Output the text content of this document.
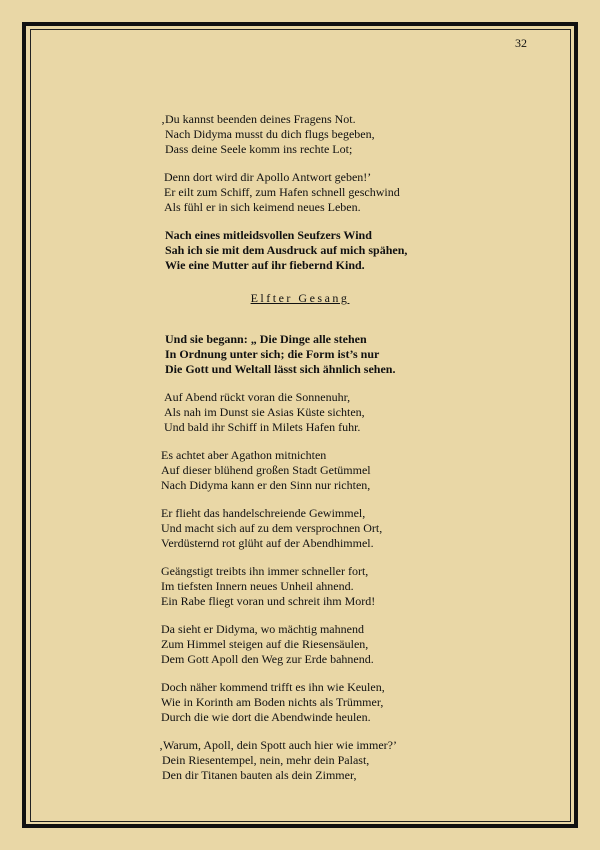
32
‚Du kannst beenden deines Fragens Not.
Nach Didyma musst du dich flugs begeben,
Dass deine Seele komm ins rechte Lot;
Denn dort wird dir Apollo Antwort geben!’
Er eilt zum Schiff, zum Hafen schnell geschwind
Als fühl er in sich keimend neues Leben.
Nach eines mitleidsvollen Seufzers Wind
Sah ich sie mit dem Ausdruck auf mich spähen,
Wie eine Mutter auf ihr fiebernd Kind.
Elfter Gesang
Und sie begann: „ Die Dinge alle stehen
In Ordnung unter sich; die Form ist’s nur
Die Gott und Weltall lässt sich ähnlich sehen.
Auf Abend rückt voran die Sonnenuhr,
Als nah im Dunst sie Asias Küste sichten,
Und bald ihr Schiff in Milets Hafen fuhr.
Es achtet aber Agathon mitnichten
Auf dieser blühend großen Stadt Getümmel
Nach Didyma kann er den Sinn nur richten,
Er flieht das handelschreiende Gewimmel,
Und macht sich auf zu dem versprochnen Ort,
Verdüsternd rot glüht auf der Abendhimmel.
Geängstigt treibts ihn immer schneller fort,
Im tiefsten Innern neues Unheil ahnend.
Ein Rabe fliegt voran und schreit ihm Mord!
Da sieht er Didyma, wo mächtig mahnend
Zum Himmel steigen auf die Riesensäulen,
Dem Gott Apoll den Weg zur Erde bahnend.
Doch näher kommend trifft es ihn wie Keulen,
Wie in Korinth am Boden nichts als Trümmer,
Durch die wie dort die Abendwinde heulen.
‚Warum, Apoll, dein Spott auch hier wie immer?’
Dein Riesentempel, nein, mehr dein Palast,
Den dir Titanen bauten als dein Zimmer,
